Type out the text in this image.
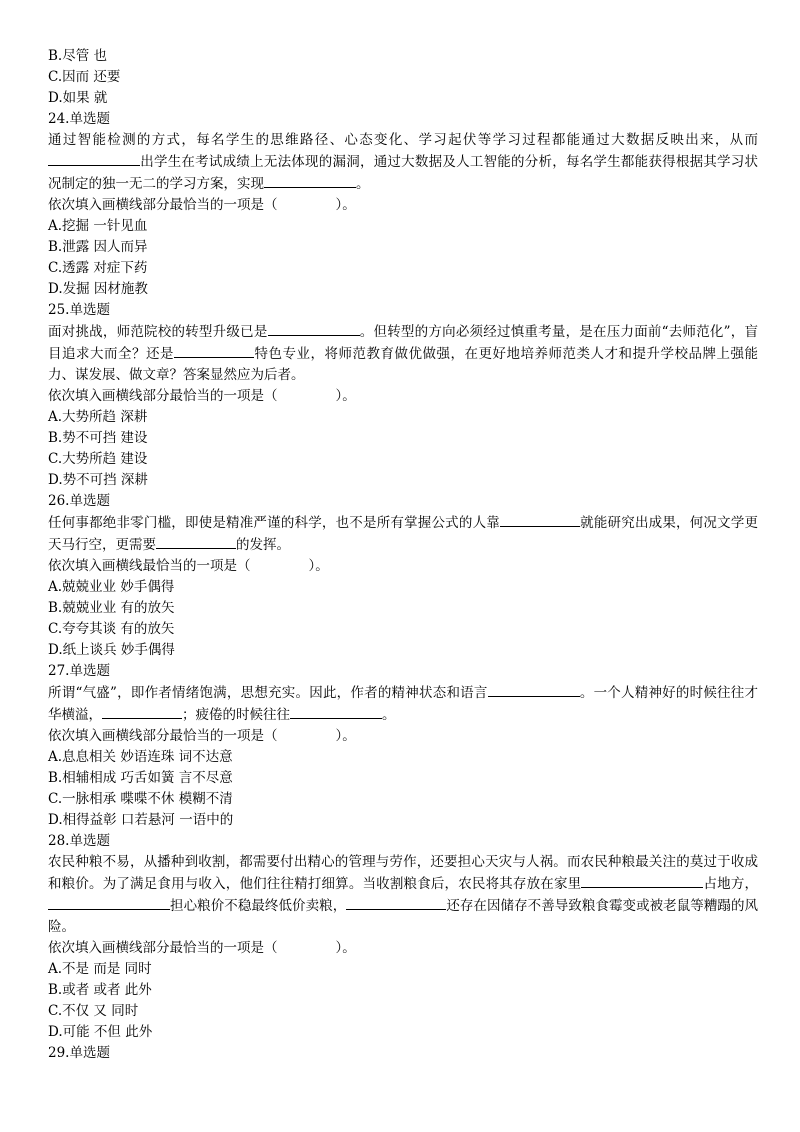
B.尽管 也
C.因而 还要
D.如果 就
24.单选题
通过智能检测的方式，每名学生的思维路径、心态变化、学习起伏等学习过程都能通过大数据反映出来，从而出学生在考试成绩上无法体现的漏洞，通过大数据及人工智能的分析，每名学生都能获得根据其学习状况制定的独一无二的学习方案，实现	。
依次填入画横线部分最恰当的一项是（	）。
A.挖掘 一针见血
B.泄露 因人而异
C.透露 对症下药
D.发掘 因材施教
25.单选题
面对挑战，师范院校的转型升级已是	。但转型的方向必须经过慎重考量，是在压力面前“去师范化”，盲目追求大而全？还是	特色专业，将师范教育做优做强，在更好地培养师范类人才和提升学校品牌上强能力、谋发展、做文章？答案显然应为后者。
依次填入画横线部分最恰当的一项是（	）。
A.大势所趋 深耕
B.势不可挡 建设
C.大势所趋 建设
D.势不可挡 深耕
26.单选题
任何事都绝非零门槛，即使是精准严谨的科学，也不是所有掌握公式的人靠	就能研究出成果，何况文学更天马行空，更需要	的发挥。
依次填入画横线最恰当的一项是（	）。
A.兢兢业业 妙手偶得
B.兢兢业业 有的放矢
C.夸夸其谈 有的放矢
D.纸上谈兵 妙手偶得
27.单选题
所谓“气盛”，即作者情绪饱满，思想充实。因此，作者的精神状态和语言	。一个人精神好的时候往往才华横溢，	；疲倦的时候往往	。
依次填入画横线部分最恰当的一项是（	）。
A.息息相关 妙语连珠 词不达意
B.相辅相成 巧舌如簧 言不尽意
C.一脉相承 喋喋不休 模糊不清
D.相得益彰 口若悬河 一语中的
28.单选题
农民种粮不易，从播种到收割，都需要付出精心的管理与劳作，还要担心天灾与人祸。而农民种粮最关注的莫过于收成和粮价。为了满足食用与收入，他们往往精打细算。当收割粮食后，农民将其存放在家里	占地方，担心粮价不稳最终低价卖粮，	还存在因储存不善导致粮食霉变或被老鼠等糟蹋的风险。
依次填入画横线部分最恰当的一项是（	）。
A.不是 而是 同时
B.或者 或者 此外
C.不仅 又 同时
D.可能 不但 此外
29.单选题
